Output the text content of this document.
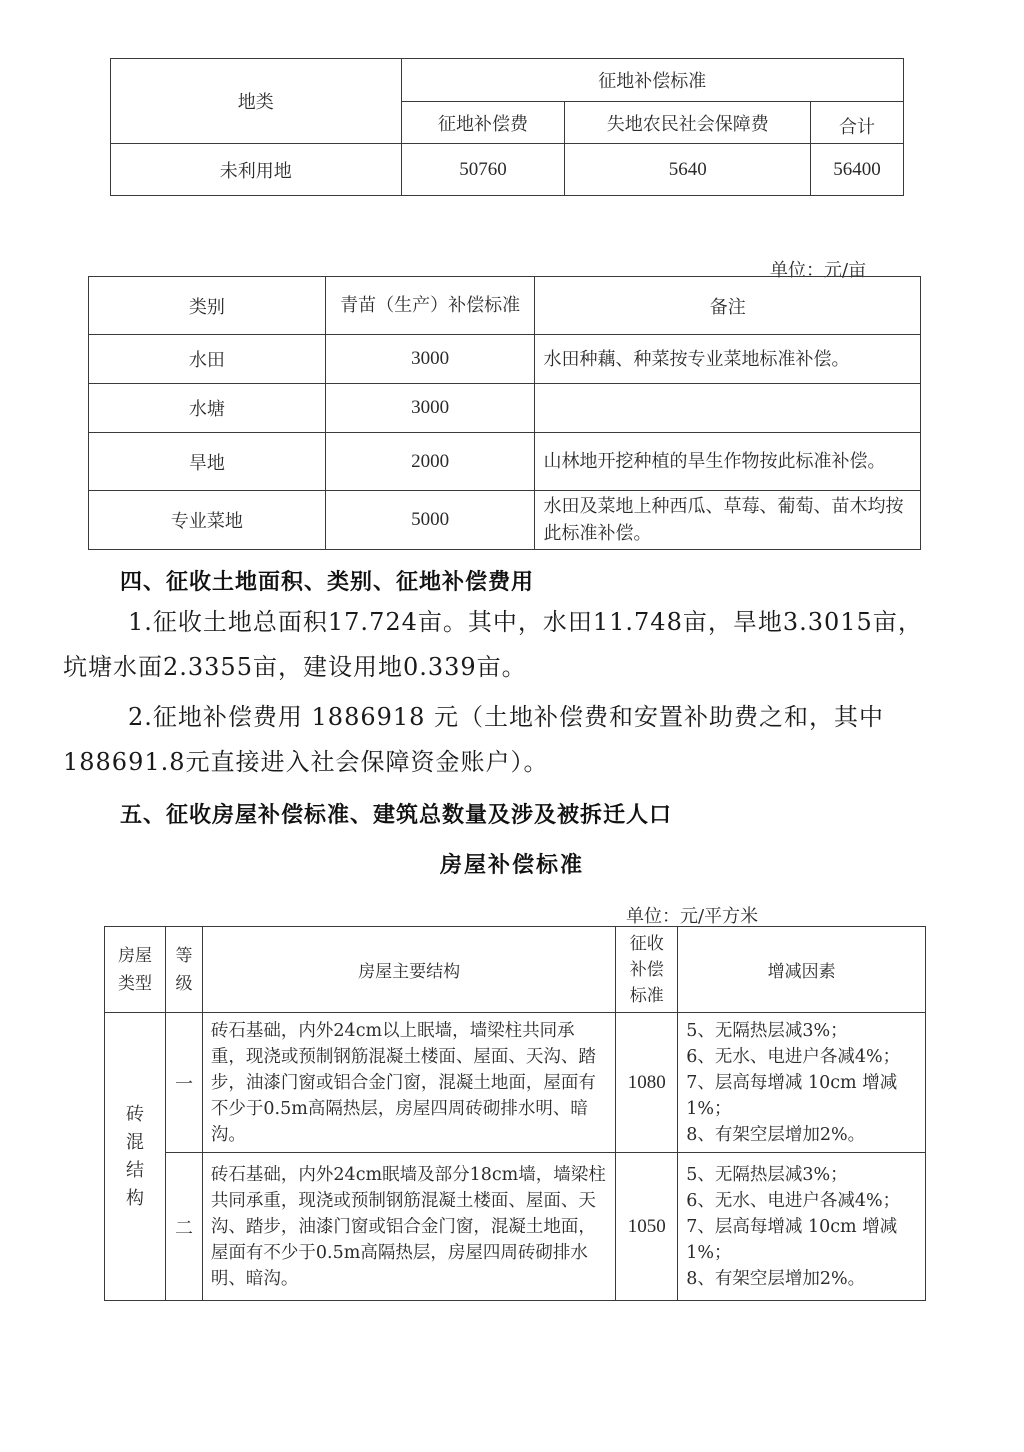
地类	征地补偿标准		
	征地补偿费	失地农民社会保障费	合计
未利用地	50760	5640	56400
单位：元/亩
类别	青苗（生产）补偿标准	备注
水田	3000	水田种藕、种菜按专业菜地标准补偿。
水塘	3000	
旱地	2000	山林地开挖种植的旱生作物按此标准补偿。
专业菜地	5000	水田及菜地上种西瓜、草莓、葡萄、苗木均按此标准补偿。
四、征收土地面积、类别、征地补偿费用
1.征收土地总面积17.724亩。其中，水田11.748亩，旱地3.3015亩，
坑塘水面2.3355亩，建设用地0.339亩。
2.征地补偿费用 1886918 元（土地补偿费和安置补助费之和，其中
188691.8元直接进入社会保障资金账户）。
五、征收房屋补偿标准、建筑总数量及涉及被拆迁人口
房屋补偿标准
单位：元/平方米
房屋类型	等级	房屋主要结构	征收补偿标准	增减因素

砖混结构	一	砖石基础，内外24cm以上眠墙，墙梁柱共同承重，现浇或预制钢筋混凝土楼面、屋面、天沟、踏步，油漆门窗或铝合金门窗，混凝土地面，屋面有不少于0.5m高隔热层，房屋四周砖砌排水明、暗沟。	1080	5、无隔热层减3%；
6、无水、电进户各减4%；
7、层高每增减 10cm 增减1%；
8、有架空层增加2%。

	二	砖石基础，内外24cm眠墙及部分18cm墙，墙梁柱共同承重，现浇或预制钢筋混凝土楼面、屋面、天沟、踏步，油漆门窗或铝合金门窗，混凝土地面，屋面有不少于0.5m高隔热层，房屋四周砖砌排水明、暗沟。	1050	5、无隔热层减3%；
6、无水、电进户各减4%；
7、层高每增减 10cm 增减1%；
8、有架空层增加2%。
